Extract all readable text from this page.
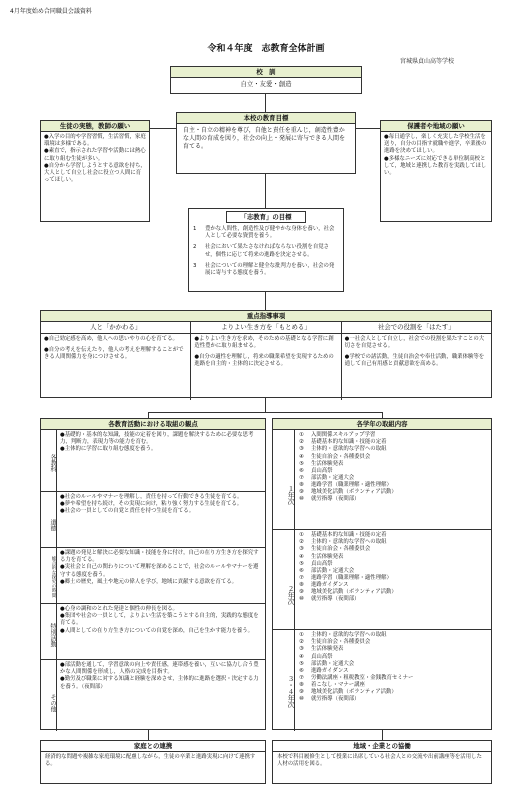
4月年度始め合同職員会議資料
令和４年度　志教育全体計画
宮城県貞山高等学校
校　訓
自立・友愛・創造
本校の教育目標
自主・自立の精神を尊び，自他と責任を重んじ，創造性豊かな人間の育成を図り，社会の向上・発展に寄与できる人間を育てる。
生徒の実態，教師の願い
●入学の目的や学習習慣，生活習慣，家庭環境は多様である。
●素直で，指示された学習や活動には熱心に取り組む生徒が多い。
●自分から学習しようとする意欲を持ち，大人として自立し社会に役立つ人間に育ってほしい。
保護者や地域の願い
●毎日通学し，楽しく充実した学校生活を送り，自分の目指す就職や進学，卒業後の進路を決めてほしい。
●多様なニーズに対応できる単位制高校として，地域と連携した教育を実践してほしい。
「志教育」の目標
1	豊かな人間性，創造性及び健やかな身体を養い，社会人として必要な資質を養う。
2	社会において果たさなければならない役割を自覚させ，個性に応じて将来の進路を決定させる。
3	社会についての理解と健全な批判力を養い，社会の発展に寄与する態度を養う。
重点指導事項
人と「かかわる」
●自己効定感を高め，他人への思いやりの心を育てる。
●自分の考えを伝えたり，他人の考えを理解することができる人間関係力を身につけさせる。
よりよい生き方を「もとめる」
●よりよい生き方を求め，そのための基礎となる学習に創造性豊かに取り組ませる。
●自分の適性を理解し，将来の職業希望を実現するための進路を自主的・主体的に決定させる。
社会での役割を「はたす」
●一社会人として自立し，社会での役割を果たすことの大切さを自覚させる。
●学校での諸活動，生徒自治会や奉仕活動，職業体験等を通して自己有用感と貢献意欲を高める。
各教育活動における取組の観点
各教科
●基礎的・基本的な知識，技能の定着を図り，課題を解決するために必要な思考力，判断力，表現力等の能力を育む。
●主体的に学習に取り組む態度を養う。
道徳
●社会のルールやマナーを理解し，責任を持って行動できる生徒を育てる。
●夢や希望を持ち続け，その実現に向け，粘り強く努力する生徒を育てる。
●社会の一員としての自覚と責任を持つ生徒を育てる。
総合的な探究の時間
●課題の発見と解決に必要な知識・技能を身に付け，自己の在り方生き方を探究する力を育てる。
●実社会と自己の関わりについて理解を深めることで，社会のルールやマナーを遵守する態度を養う。
●郷土の歴史，風土や地元の偉人を学び，地域に貢献する意欲を育てる。
特別活動
●心身の調和のとれた発達と個性の伸長を図る。
●集団や社会の一員として，よりよい生活を築こうとする自主的，実践的な態度を育てる。
●人間としての在り方生き方についての自覚を深め，自己を生かす能力を養う。
その他
●部活動を通して，学習意欲の向上や責任感，連帯感を養い，互いに協力し合う豊かな人間関係を形成し，人格の完成を目指す。
●勤労及び職業に対する知識と経験を深めさせ，主体的に進路を選択・決定する力を養う。（夜間部）
各学年の取組内容
１年次
①	入間関係スキルアップ学習
②	基礎基本的な知識・技能の定着
③	主体的・意欲的な学習への取組
④	生徒自治会・各種委員会
⑤	生活体験発表
⑥	貞山高祭
⑦	部活動・定通大会
⑧	進路学習（職業理解・適性理解）
⑨	地域美化活動（ボランティア活動）
⑩	就労指導（夜間部）
２年次
①	基礎基本的な知識・技能の定着
②	主体的・意欲的な学習への取組
③	生徒自治会・各種委員会
④	生活体験発表
⑤	貞山高祭
⑥	部活動・定通大会
⑦	進路学習（職業理解・適性理解）
⑧	進路ガイダンス
⑨	地域美化活動（ボランティア活動）
⑩	就労指導（夜間部）
３・４年次
①	主体的・意欲的な学習への取組
②	生徒自治会・各種委員会
③	生活体験発表
④	貞山高祭
⑤	部活動・定通大会
⑥	進路ガイダンス
⑦	労働法講座・租税教室・金銭教育セミナー
⑧	着こなし・マナー講座
⑨	地域美化活動（ボランティア活動）
⑩	就労指導（夜間部）
家庭との連携
経済的な問題や複雑な家庭環境に配慮しながら，生徒の卒業と進路実現に向けて連携する。
地域・企業との協働
本校で科目履修生として授業に出席している社会人との交流や出前講座等を活用した人材の活用を図る。
